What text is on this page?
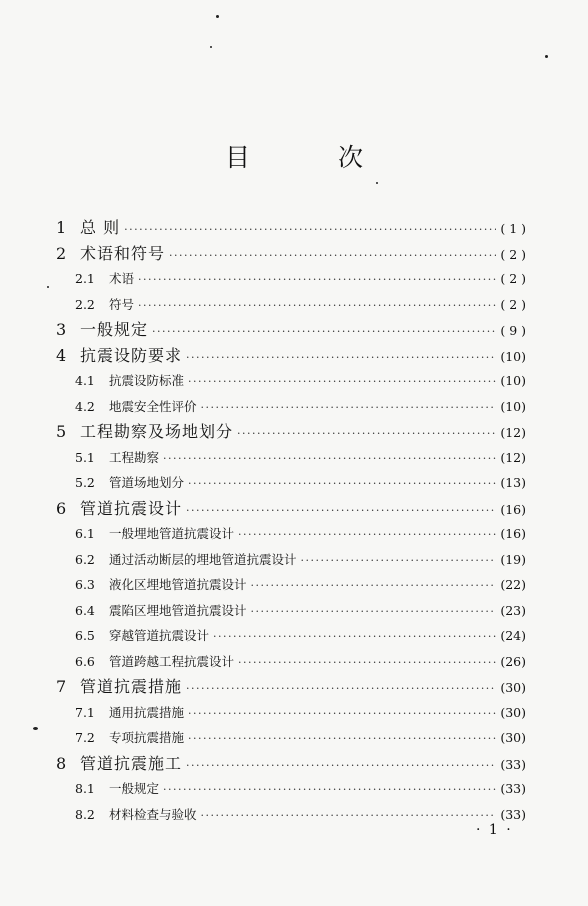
目 次
1 总 则 ·····	( 1 )
2 术语和符号 ·····	( 2 )
2.1	术语 ·····	( 2 )
2.2	符号 ·····	( 2 )
3 一般规定 ·····	( 9 )
4 抗震设防要求 ·····	(10)
4.1	抗震设防标准 ·····	(10)
4.2	地震安全性评价 ·····	(10)
5 工程勘察及场地划分 ·····	(12)
5.1	工程勘察 ·····	(12)
5.2	管道场地划分 ·····	(13)
6 管道抗震设计 ·····	(16)
6.1	一般埋地管道抗震设计 ·····	(16)
6.2	通过活动断层的埋地管道抗震设计 ·····	(19)
6.3	液化区埋地管道抗震设计 ·····	(22)
6.4	震陷区埋地管道抗震设计 ·····	(23)
6.5	穿越管道抗震设计 ·····	(24)
6.6	管道跨越工程抗震设计 ·····	(26)
7 管道抗震措施 ·····	(30)
7.1	通用抗震措施 ·····	(30)
7.2	专项抗震措施 ·····	(30)
8 管道抗震施工 ·····	(33)
8.1	一般规定 ·····	(33)
8.2	材料检查与验收 ·····	(33)
· 1 ·
